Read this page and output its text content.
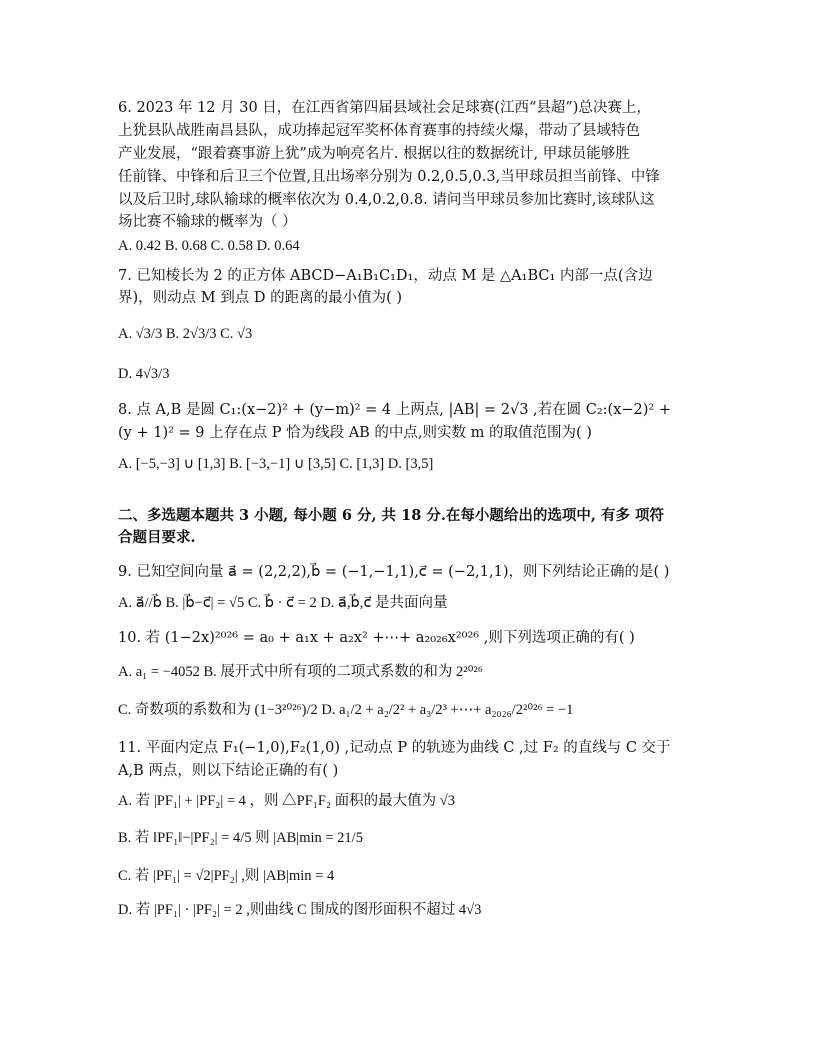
6. 2023 年 12 月 30 日，在江西省第四届县域社会足球赛(江西“县超”)总决赛上，
上犹县队战胜南昌县队，成功捧起冠军奖杯体育赛事的持续火爆，带动了县域特色
产业发展，“跟着赛事游上犹”成为响亮名片. 根据以往的数据统计, 甲球员能够胜
任前锋、中锋和后卫三个位置,且出场率分别为 0.2,0.5,0.3,当甲球员担当前锋、中锋
以及后卫时,球队输球的概率依次为 0.4,0.2,0.8. 请问当甲球员参加比赛时,该球队这
场比赛不输球的概率为（ ）
A. 0.42 B. 0.68 C. 0.58 D. 0.64
7. 已知棱长为 2 的正方体 ABCD−A₁B₁C₁D₁，动点 M 是 △A₁BC₁ 内部一点(含边
界)，则动点 M 到点 D 的距离的最小值为( )
A. √3/3 B. 2√3/3 C. √3
D. 4√3/3
8. 点 A,B 是圆 C₁:(x−2)² + (y−m)² = 4 上两点, |AB| = 2√3 ,若在圆 C₂:(x−2)² +
(y + 1)² = 9 上存在点 P 恰为线段 AB 的中点,则实数 m 的取值范围为( )
A. [−5,−3] ∪ [1,3] B. [−3,−1] ∪ [3,5] C. [1,3] D. [3,5]
二、多选题本题共 3 小题, 每小题 6 分, 共 18 分.在每小题给出的选项中, 有多 项符
合题目要求.
9. 已知空间向量 a⃗ = (2,2,2),b⃗ = (−1,−1,1),c⃗ = (−2,1,1)，则下列结论正确的是( )
A. a⃗//b⃗ B. |b⃗−c⃗| = √5 C. b⃗ · c⃗ = 2 D. a⃗,b⃗,c⃗ 是共面向量
10. 若 (1−2x)²⁰²⁶ = a₀ + a₁x + a₂x² +⋯+ a₂₀₂₆x²⁰²⁶ ,则下列选项正确的有( )
A. a₁ = −4052 B. 展开式中所有项的二项式系数的和为 2²⁰²⁶
C. 奇数项的系数和为 (1−3²⁰²⁶)/2 D. a₁/2 + a₂/2² + a₃/2³ +⋯+ a₂₀₂₆/2²⁰²⁶ = −1
11. 平面内定点 F₁(−1,0),F₂(1,0) ,记动点 P 的轨迹为曲线 C ,过 F₂ 的直线与 C 交于
A,B 两点，则以下结论正确的有( )
A. 若 |PF₁| + |PF₂| = 4 ，则 △PF₁F₂ 面积的最大值为 √3
B. 若 ‖PF₁‖−|PF₂| = 4/5 则 |AB|min = 21/5
C. 若 |PF₁| = √2|PF₂| ,则 |AB|min = 4
D. 若 |PF₁| · |PF₂| = 2 ,则曲线 C 围成的图形面积不超过 4√3
